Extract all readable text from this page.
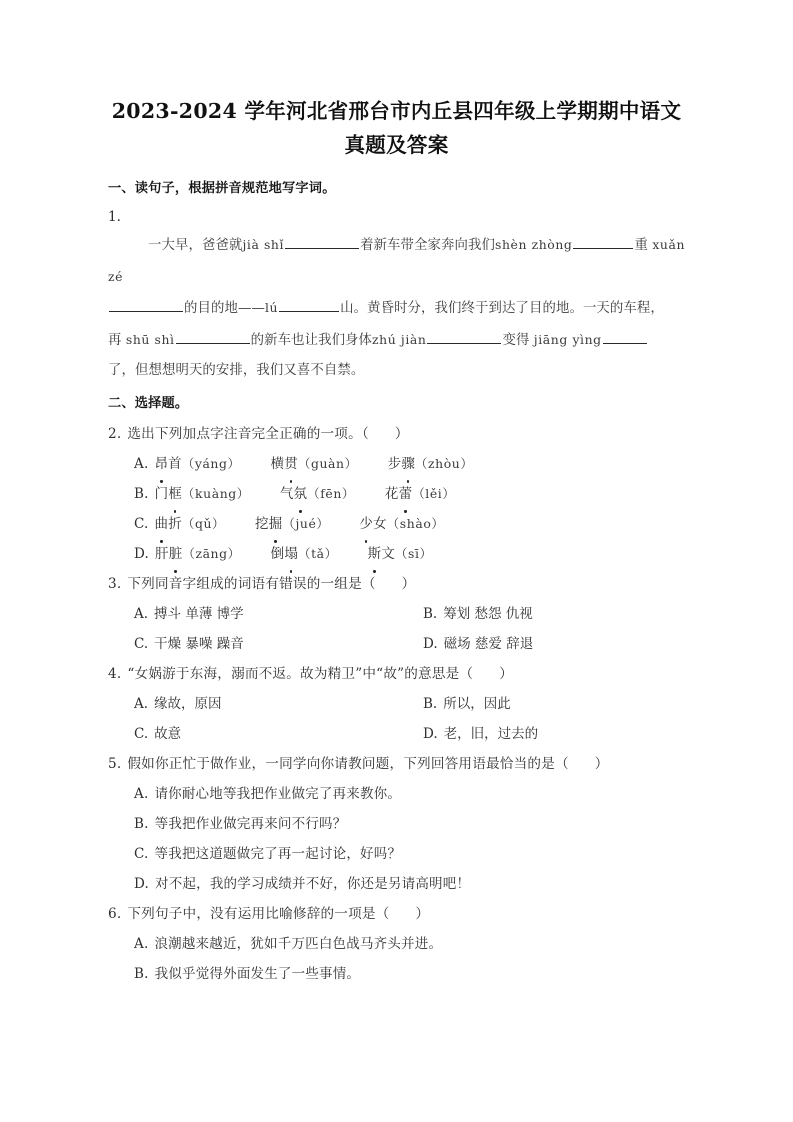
2023-2024 学年河北省邢台市内丘县四年级上学期期中语文真题及答案
一、读句子，根据拼音规范地写字词。
1.
一大早，爸爸就jià shǐ	着新车带全家奔向我们shèn zhòng	重 xuǎn
zé
的目的地——lú	山。黄昏时分，我们终于到达了目的地。一天的车程，
再 shū shì	的新车也让我们身体zhú jiàn	变得 jiāng yìng
了，但想想明天的安排，我们又喜不自禁。
二、选择题。
2. 选出下列加点字注音完全正确的一项。（ ）
A. 昂首（yáng） 横贯（guàn） 步骤（zhòu）
B. 门框（kuàng） 气氛（fēn） 花蕾（lěi）
C. 曲折（qǔ） 挖掘（jué） 少女（shào）
D. 肝脏（zāng） 倒塌（tǎ） 斯文（sī）
3. 下列同音字组成的词语有错误的一组是（ ）
A. 搏斗 单薄 博学	B. 筹划 愁怨 仇视
C. 干燥 暴噪 躁音	D. 磁场 慈爱 辞退
4. “女娲游于东海，溺而不返。故为精卫”中“故”的意思是（ ）
A. 缘故，原因	B. 所以，因此
C. 故意	D. 老，旧，过去的
5. 假如你正忙于做作业，一同学向你请教问题，下列回答用语最恰当的是（ ）
A. 请你耐心地等我把作业做完了再来教你。
B. 等我把作业做完再来问不行吗？
C. 等我把这道题做完了再一起讨论，好吗？
D. 对不起，我的学习成绩并不好，你还是另请高明吧！
6. 下列句子中，没有运用比喻修辞的一项是（ ）
A. 浪潮越来越近，犹如千万匹白色战马齐头并进。
B. 我似乎觉得外面发生了一些事情。
